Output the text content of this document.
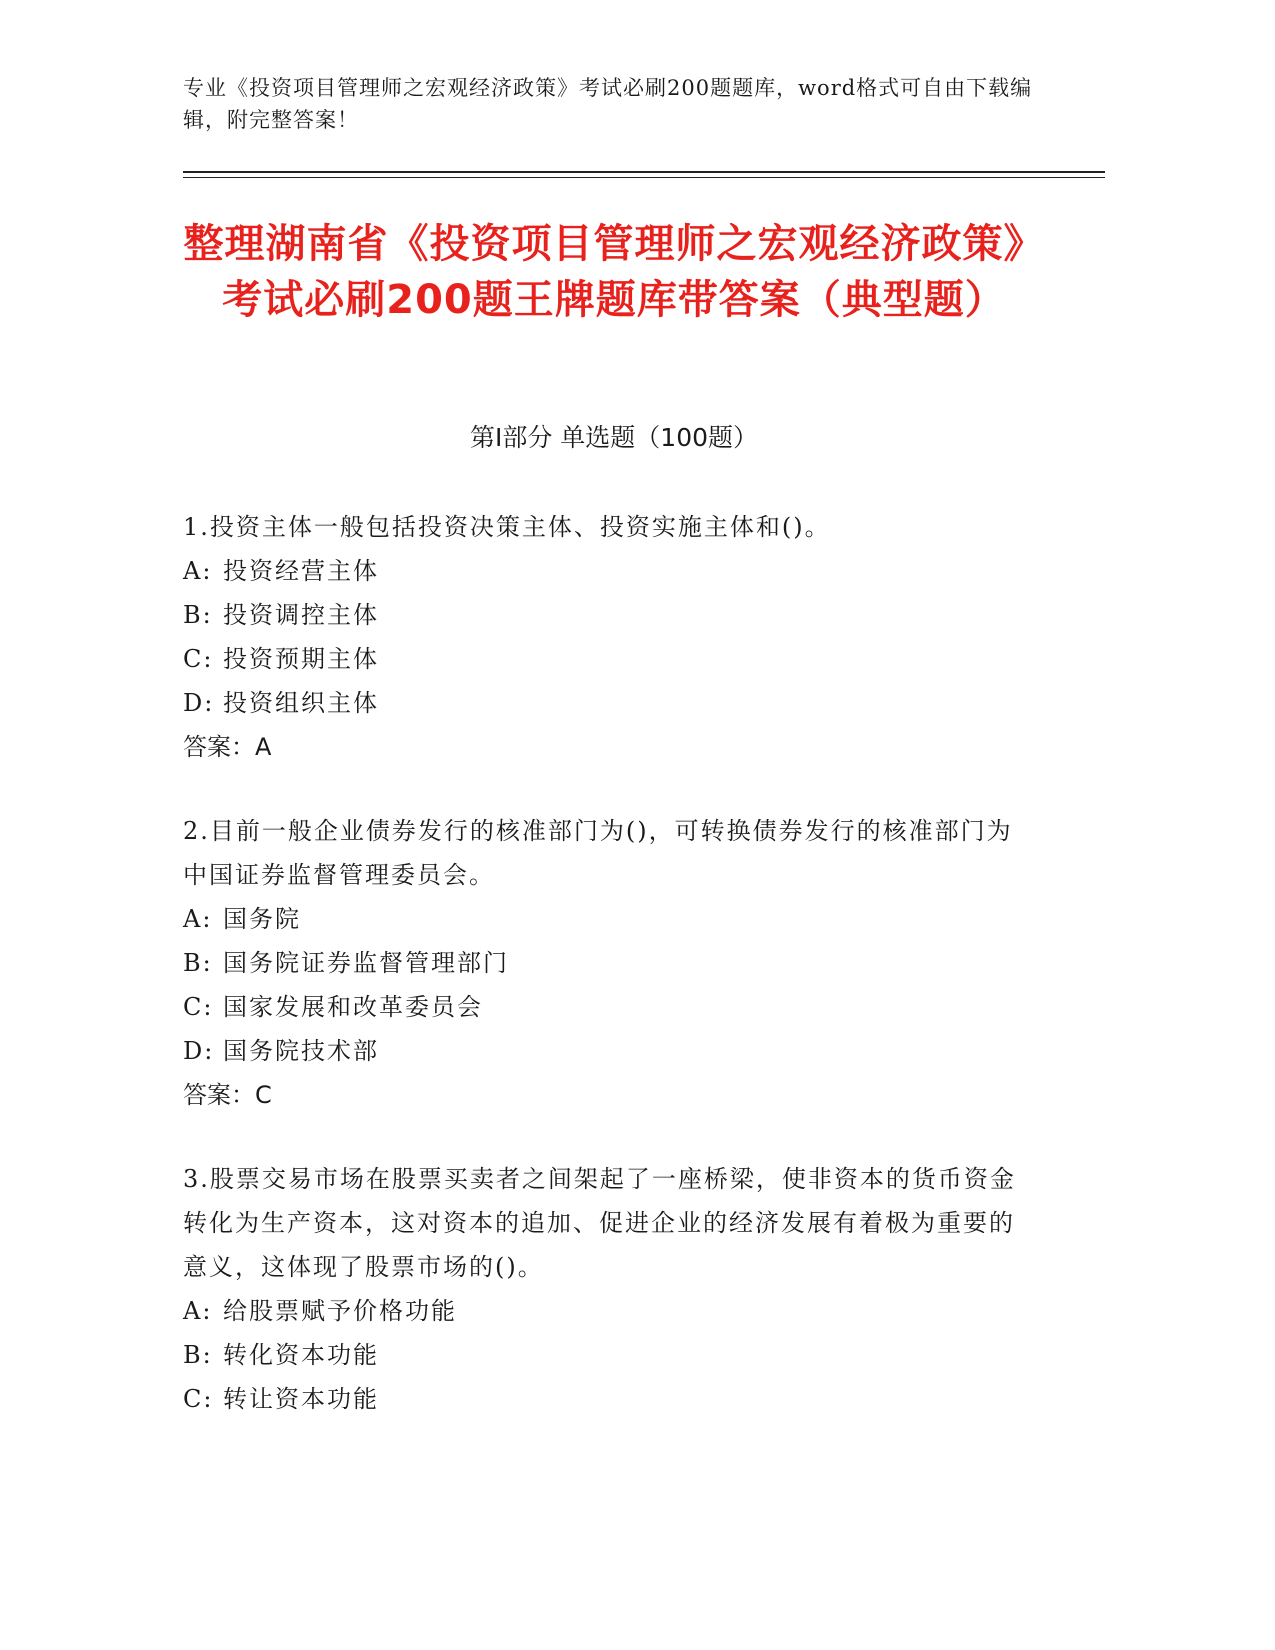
专业《投资项目管理师之宏观经济政策》考试必刷200题题库，word格式可自由下载编辑，附完整答案！
整理湖南省《投资项目管理师之宏观经济政策》考试必刷200题王牌题库带答案（典型题）
第Ⅰ部分 单选题（100题）

1.投资主体一般包括投资决策主体、投资实施主体和()。

A: 投资经营主体

B: 投资调控主体

C: 投资预期主体

D: 投资组织主体

答案：A

2.目前一般企业债券发行的核准部门为()，可转换债券发行的核准部门为中国证券监督管理委员会。

A: 国务院

B: 国务院证券监督管理部门

C: 国家发展和改革委员会

D: 国务院技术部

答案：C

3.股票交易市场在股票买卖者之间架起了一座桥梁，使非资本的货币资金转化为生产资本，这对资本的追加、促进企业的经济发展有着极为重要的意义，这体现了股票市场的()。

A: 给股票赋予价格功能

B: 转化资本功能

C: 转让资本功能
